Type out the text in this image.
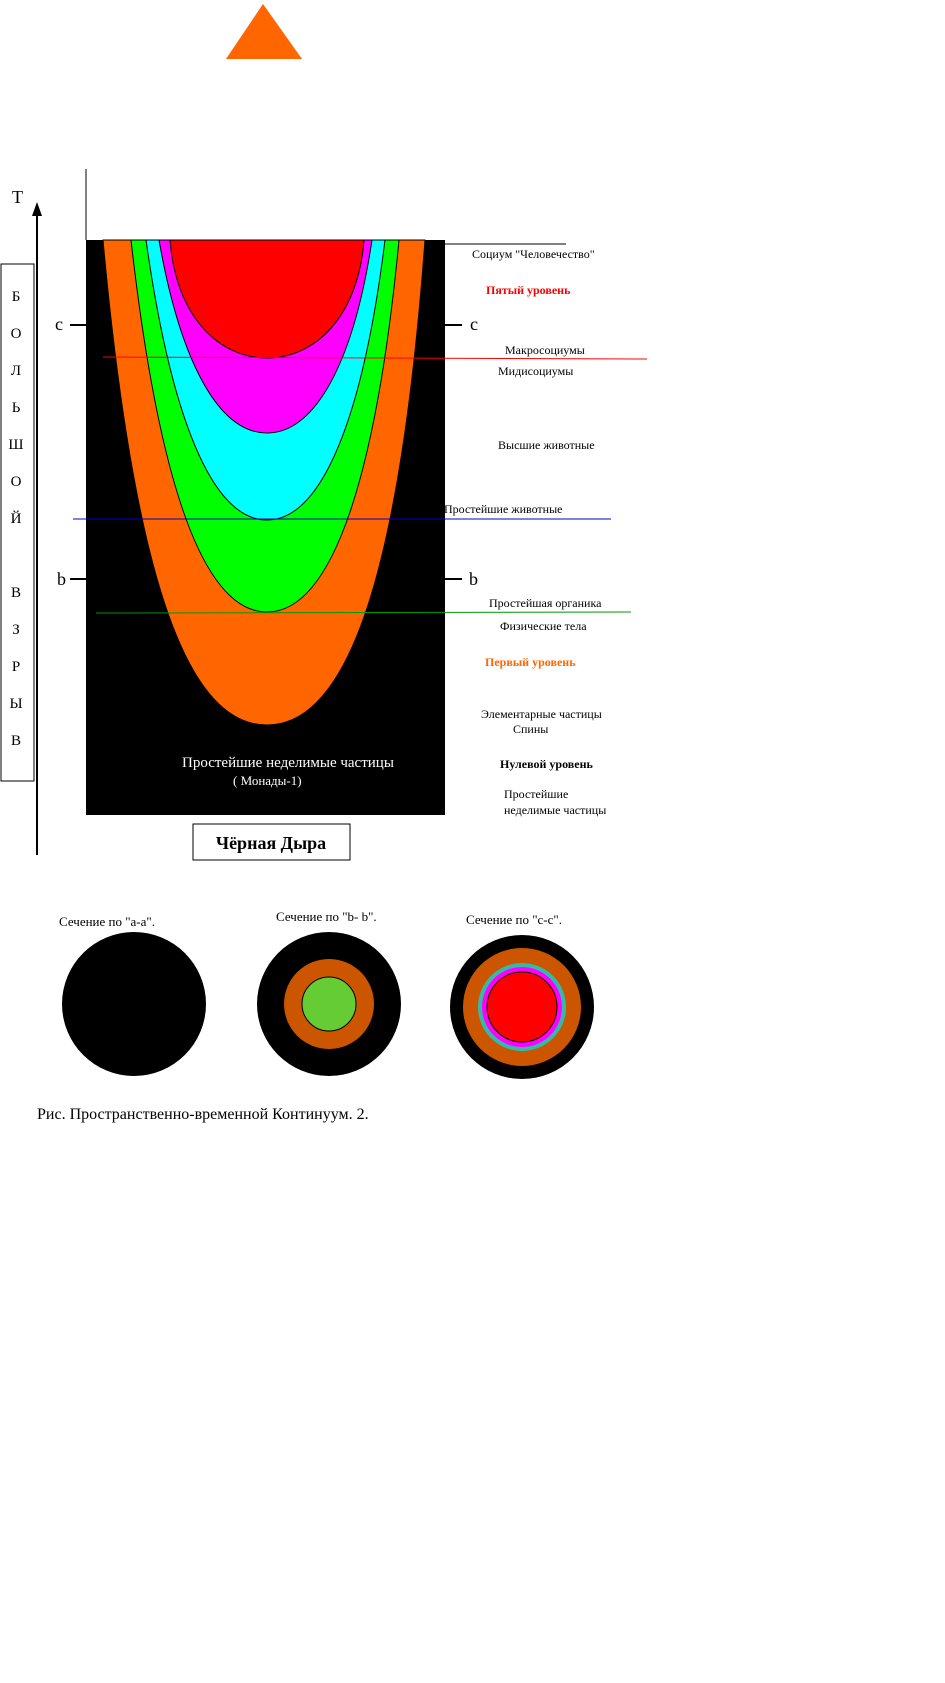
T
Б
О
Л
Ь
Ш
О
Й
В
З
Р
Ы
В
c	c
b	b
Социум "Человечество"
Пятый уровень
Макросоциумы
Мидисоциумы
Высшие животные
Простейшие животные
Простейшая органика
Физические тела
Первый уровень
Элементарные частицы
Спины
Нулевой уровень
Простейшие
неделимые частицы
Простейшие неделимые частицы
( Монады-1)
Чёрная Дыра
Сечение по "a-a".	Сечение по "b- b".	Сечение по "c-c".
Рис. Пространственно-временной Континуум. 2.
